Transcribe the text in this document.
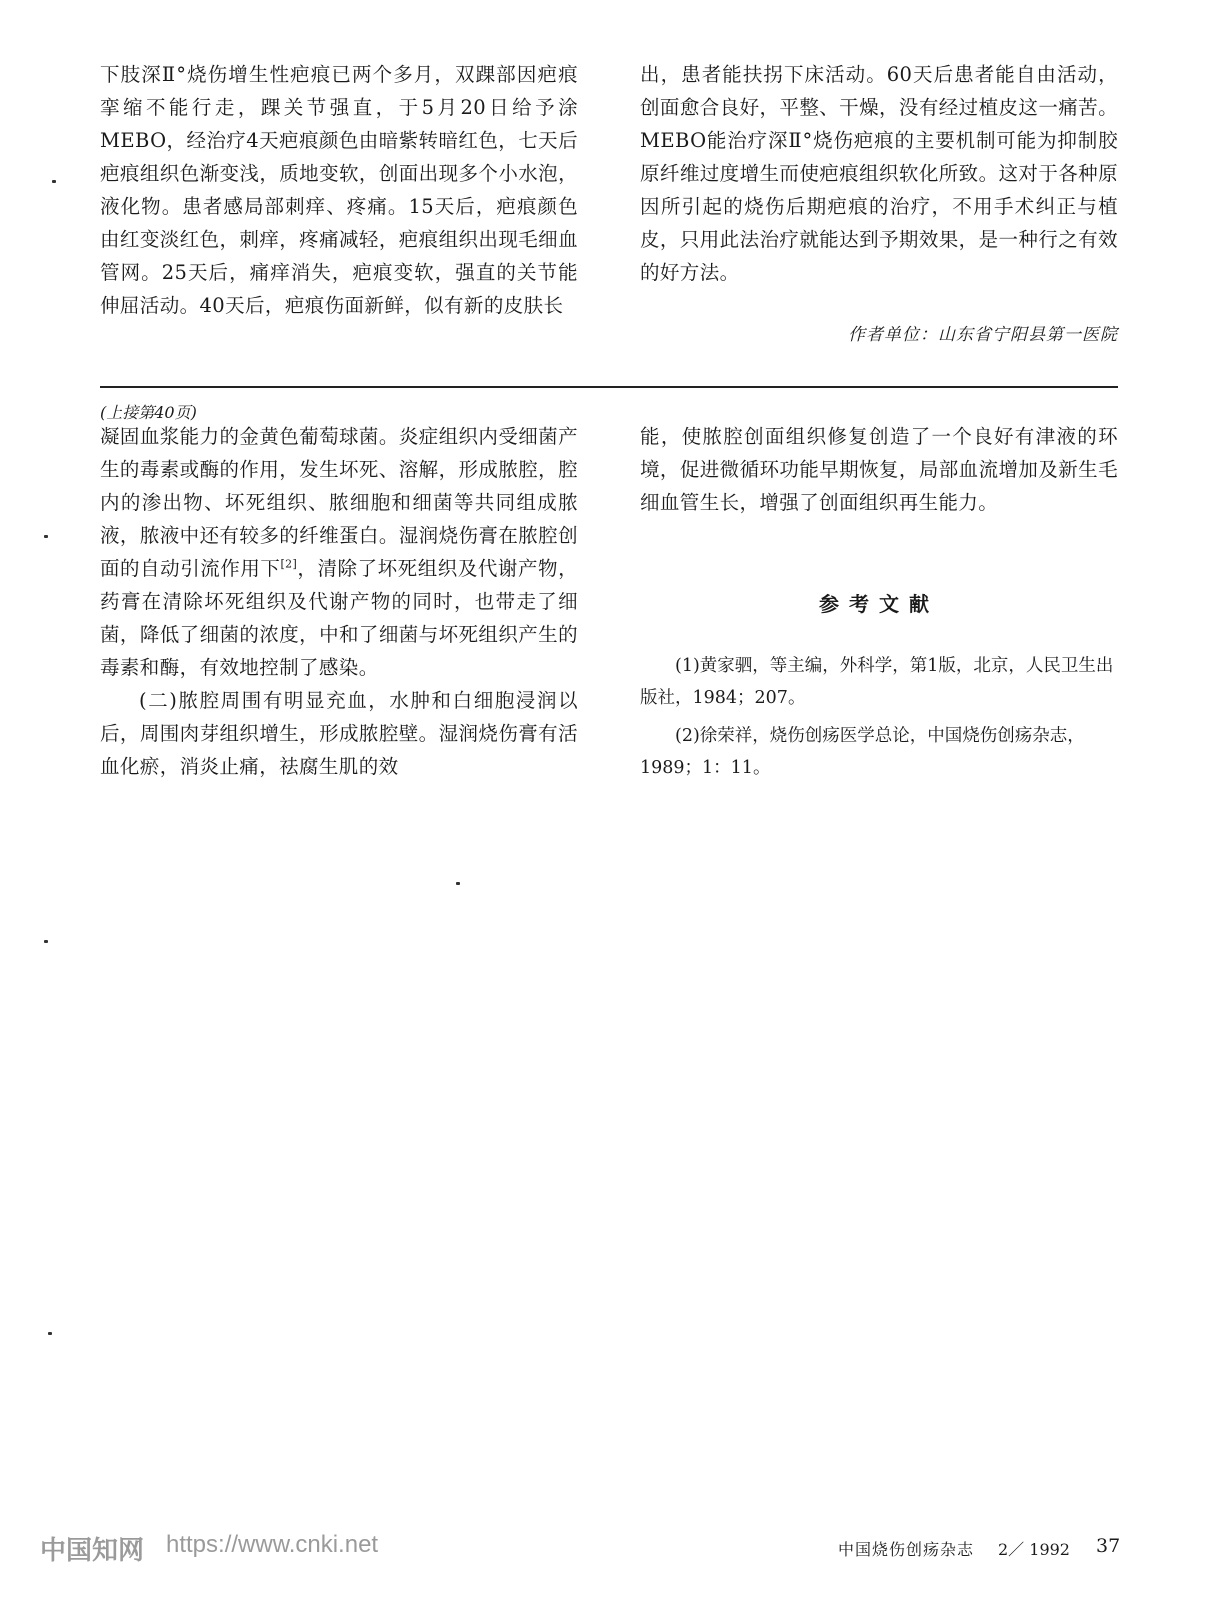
下肢深Ⅱ°烧伤增生性疤痕已两个多月，双踝部因疤痕挛缩不能行走，踝关节强直，于5月20日给予涂MEBO，经治疗4天疤痕颜色由暗紫转暗红色，七天后疤痕组织色渐变浅，质地变软，创面出现多个小水泡，液化物。患者感局部刺痒、疼痛。15天后，疤痕颜色由红变淡红色，刺痒，疼痛减轻，疤痕组织出现毛细血管网。25天后，痛痒消失，疤痕变软，强直的关节能伸屈活动。40天后，疤痕伤面新鲜，似有新的皮肤长

出，患者能扶拐下床活动。60天后患者能自由活动，创面愈合良好，平整、干燥，没有经过植皮这一痛苦。MEBO能治疗深Ⅱ°烧伤疤痕的主要机制可能为抑制胶原纤维过度增生而使疤痕组织软化所致。这对于各种原因所引起的烧伤后期疤痕的治疗，不用手术纠正与植皮，只用此法治疗就能达到予期效果，是一种行之有效的好方法。

作者单位：山东省宁阳县第一医院
(上接第40页)

凝固血浆能力的金黄色葡萄球菌。炎症组织内受细菌产生的毒素或酶的作用，发生坏死、溶解，形成脓腔，腔内的渗出物、坏死组织、脓细胞和细菌等共同组成脓液，脓液中还有较多的纤维蛋白。湿润烧伤膏在脓腔创面的自动引流作用下[2]，清除了坏死组织及代谢产物，药膏在清除坏死组织及代谢产物的同时，也带走了细菌，降低了细菌的浓度，中和了细菌与坏死组织产生的毒素和酶，有效地控制了感染。

(二)脓腔周围有明显充血，水肿和白细胞浸润以后，周围肉芽组织增生，形成脓腔壁。湿润烧伤膏有活血化瘀，消炎止痛，祛腐生肌的效

能，使脓腔创面组织修复创造了一个良好有津液的环境，促进微循环功能早期恢复，局部血流增加及新生毛细血管生长，增强了创面组织再生能力。

参考文献

(1)黄家驷，等主编，外科学，第1版，北京，人民卫生出版社，1984；207。

(2)徐荣祥，烧伤创疡医学总论，中国烧伤创疡杂志，1989；1：11。

中国知网 https://www.cnki.net	中国烧伤创疡杂志 2／ 1992 37
